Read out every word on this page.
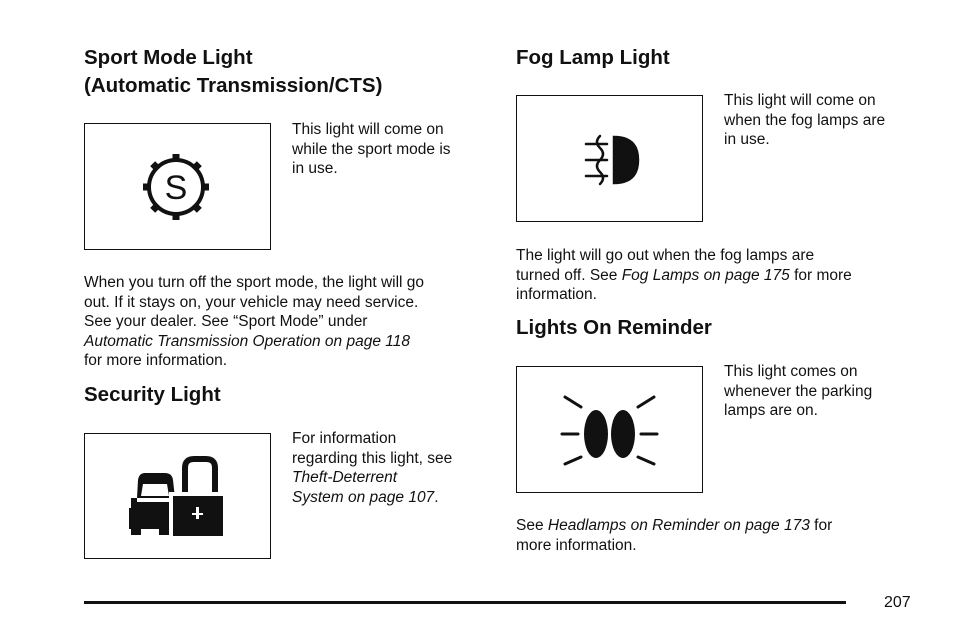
Sport Mode Light
(Automatic Transmission/CTS)
S
This light will come on
while the sport mode is
in use.
When you turn off the sport mode, the light will go
out. If it stays on, your vehicle may need service.
See your dealer. See “Sport Mode” under
Automatic Transmission Operation on page 118
for more information.
Security Light
For information
regarding this light, see
Theft-Deterrent
System on page 107.
Fog Lamp Light
This light will come on
when the fog lamps are
in use.
The light will go out when the fog lamps are
turned off. See Fog Lamps on page 175 for more
information.
Lights On Reminder
This light comes on
whenever the parking
lamps are on.
See Headlamps on Reminder on page 173 for
more information.
207
